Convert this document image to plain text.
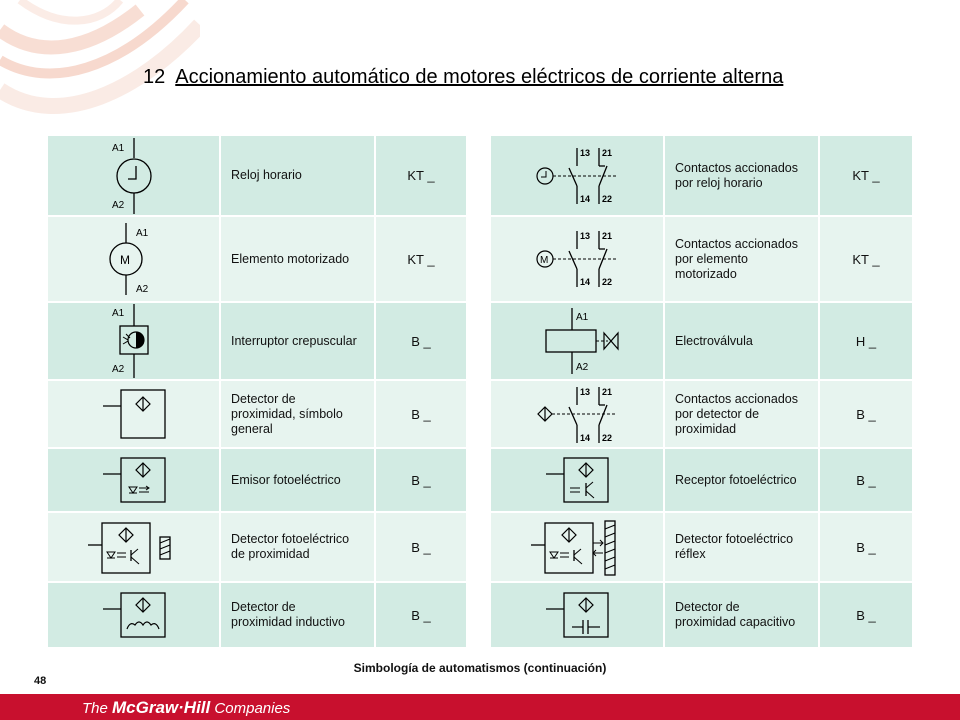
12 Accionamiento automático de motores eléctricos de corriente alterna
A1
A2	Reloj horario	KT _

M
A1
A2	Elemento motorizado	KT _

A1
A2	Interruptor crepuscular	B _

	Detector de
proximidad, símbolo
general	B _

	Emisor fotoeléctrico	B _

	Detector fotoeléctrico
de proximidad	B _

	Detector de
proximidad inductivo	B _
13
14
21
22	Contactos accionados
por reloj horario	KT _

M
13
14
21
22	Contactos accionados
por elemento
motorizado	KT _

A1
A2	Electroválvula	H _

13
14
21
22	Contactos accionados
por detector de
proximidad	B _

	Receptor fotoeléctrico	B _

	Detector fotoeléctrico
réflex	B _

	Detector de
proximidad capacitivo	B _
Simbología de automatismos (continuación)
48
The McGraw·Hill Companies
